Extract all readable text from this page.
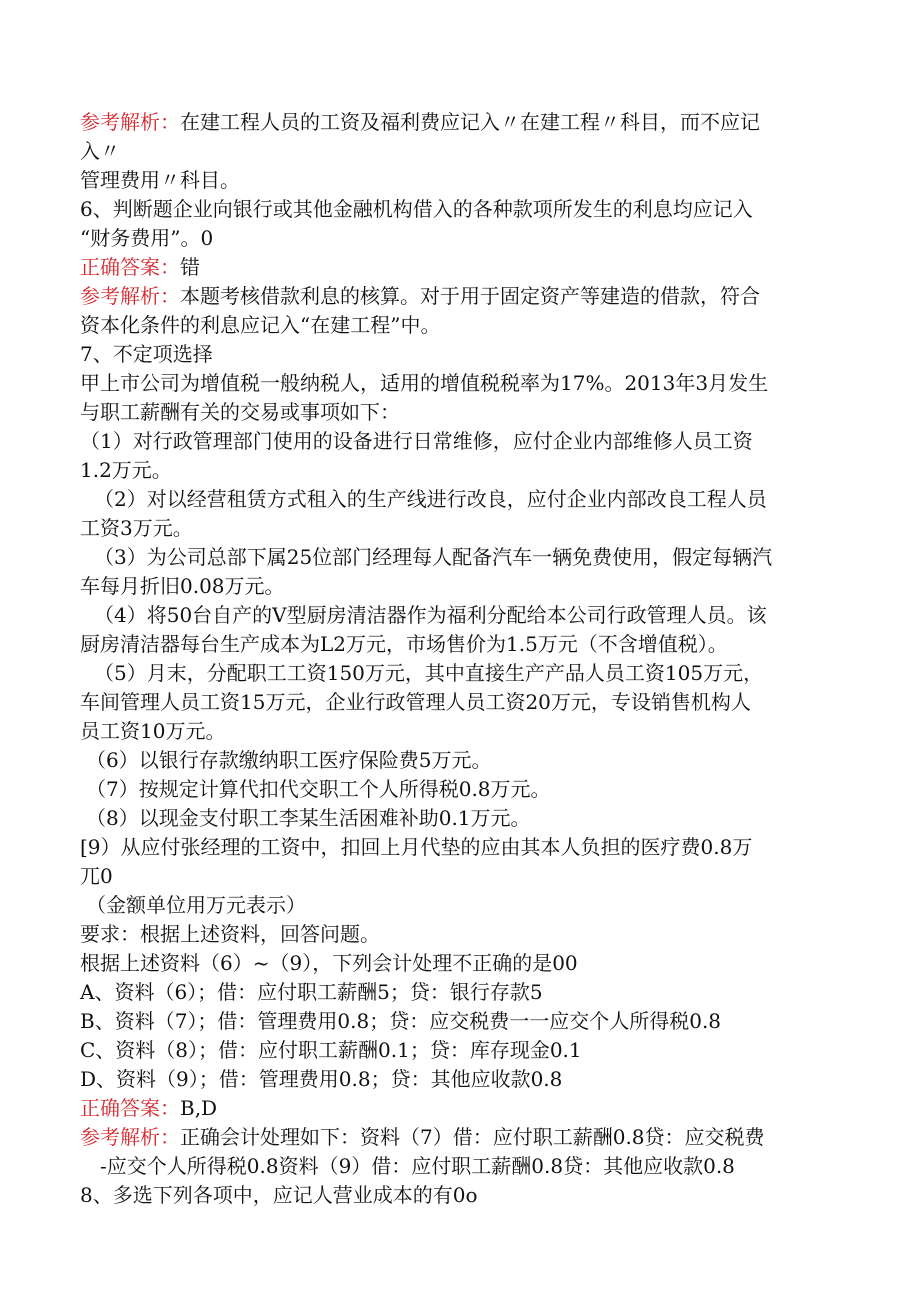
参考解析：在建工程人员的工资及福利费应记入〃在建工程〃科目，而不应记

入〃

管理费用〃科目。

6、判断题企业向银行或其他金融机构借入的各种款项所发生的利息均应记入

“财务费用”。0

正确答案：错

参考解析：本题考核借款利息的核算。对于用于固定资产等建造的借款，符合

资本化条件的利息应记入“在建工程”中。

7、不定项选择

甲上市公司为增值税一般纳税人，适用的增值税税率为17%。2013年3月发生

与职工薪酬有关的交易或事项如下：

（1）对行政管理部门使用的设备进行日常维修，应付企业内部维修人员工资

1.2万元。

（2）对以经营租赁方式租入的生产线进行改良，应付企业内部改良工程人员

工资3万元。

（3）为公司总部下属25位部门经理每人配备汽车一辆免费使用，假定每辆汽

车每月折旧0.08万元。

（4）将50台自产的V型厨房清洁器作为福利分配给本公司行政管理人员。该

厨房清洁器每台生产成本为L2万元，市场售价为1.5万元（不含增值税）。

（5）月末，分配职工工资150万元，其中直接生产产品人员工资105万元，

车间管理人员工资15万元，企业行政管理人员工资20万元，专设销售机构人

员工资10万元。

（6）以银行存款缴纳职工医疗保险费5万元。

（7）按规定计算代扣代交职工个人所得税0.8万元。

（8）以现金支付职工李某生活困难补助0.1万元。

[9）从应付张经理的工资中，扣回上月代垫的应由其本人负担的医疗费0.8万

兀0

（金额单位用万元表示）

要求：根据上述资料，回答问题。

根据上述资料（6）~（9），下列会计处理不正确的是00

A、资料（6）；借：应付职工薪酬5；贷：银行存款5

B、资料（7）；借：管理费用0.8；贷：应交税费一一应交个人所得税0.8

C、资料（8）；借：应付职工薪酬0.1；贷：库存现金0.1

D、资料（9）；借：管理费用0.8；贷：其他应收款0.8

正确答案：B,D

参考解析：正确会计处理如下：资料（7）借：应付职工薪酬0.8贷：应交税费

-应交个人所得税0.8资料（9）借：应付职工薪酬0.8贷：其他应收款0.8

8、多选下列各项中，应记人营业成本的有0o
